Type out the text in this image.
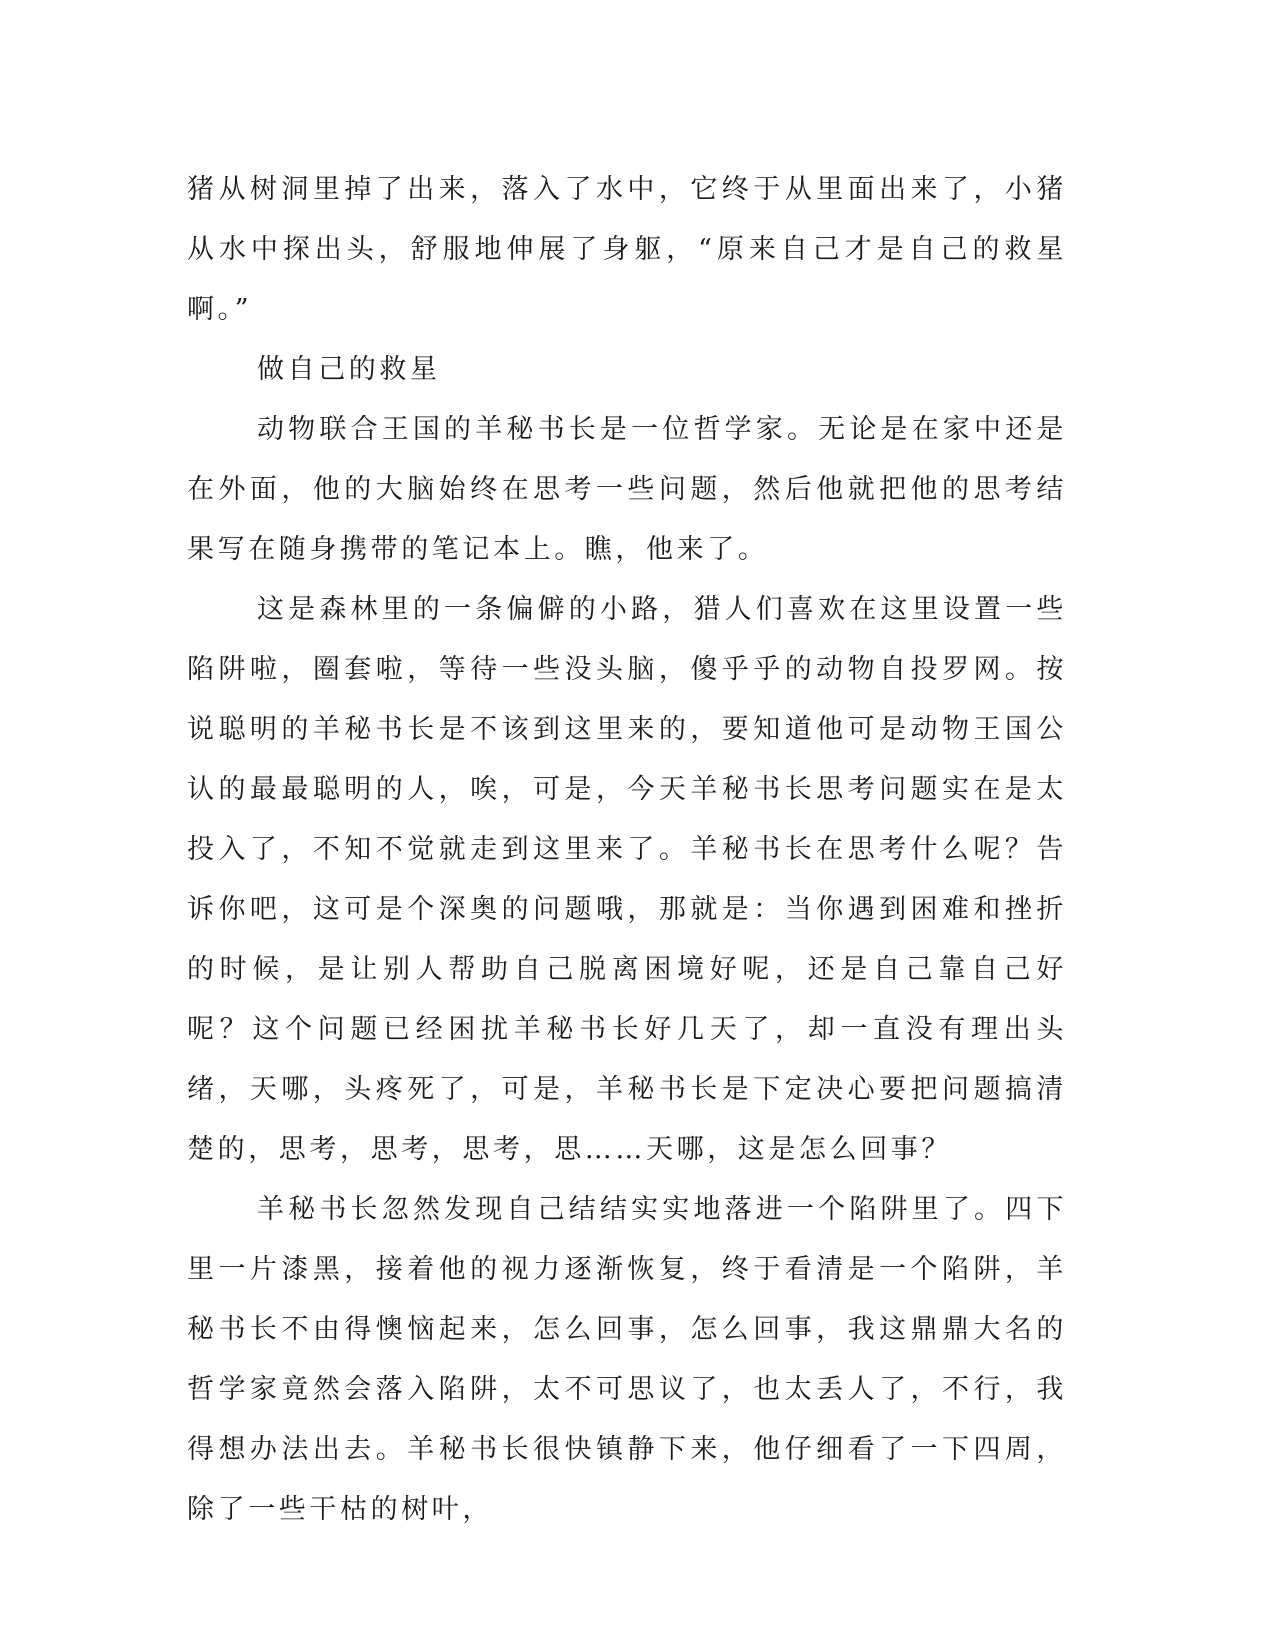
猪从树洞里掉了出来，落入了水中，它终于从里面出来了，小猪从水中探出头，舒服地伸展了身躯，“原来自己才是自己的救星啊。”

做自己的救星

动物联合王国的羊秘书长是一位哲学家。无论是在家中还是在外面，他的大脑始终在思考一些问题，然后他就把他的思考结果写在随身携带的笔记本上。瞧，他来了。

这是森林里的一条偏僻的小路，猎人们喜欢在这里设置一些陷阱啦，圈套啦，等待一些没头脑，傻乎乎的动物自投罗网。按说聪明的羊秘书长是不该到这里来的，要知道他可是动物王国公认的最最聪明的人，唉，可是，今天羊秘书长思考问题实在是太投入了，不知不觉就走到这里来了。羊秘书长在思考什么呢？告诉你吧，这可是个深奥的问题哦，那就是：当你遇到困难和挫折的时候，是让别人帮助自己脱离困境好呢，还是自己靠自己好呢？这个问题已经困扰羊秘书长好几天了，却一直没有理出头绪，天哪，头疼死了，可是，羊秘书长是下定决心要把问题搞清楚的，思考，思考，思考，思……天哪，这是怎么回事？

羊秘书长忽然发现自己结结实实地落进一个陷阱里了。四下里一片漆黑，接着他的视力逐渐恢复，终于看清是一个陷阱，羊秘书长不由得懊恼起来，怎么回事，怎么回事，我这鼎鼎大名的哲学家竟然会落入陷阱，太不可思议了，也太丢人了，不行，我得想办法出去。羊秘书长很快镇静下来，他仔细看了一下四周，除了一些干枯的树叶，
